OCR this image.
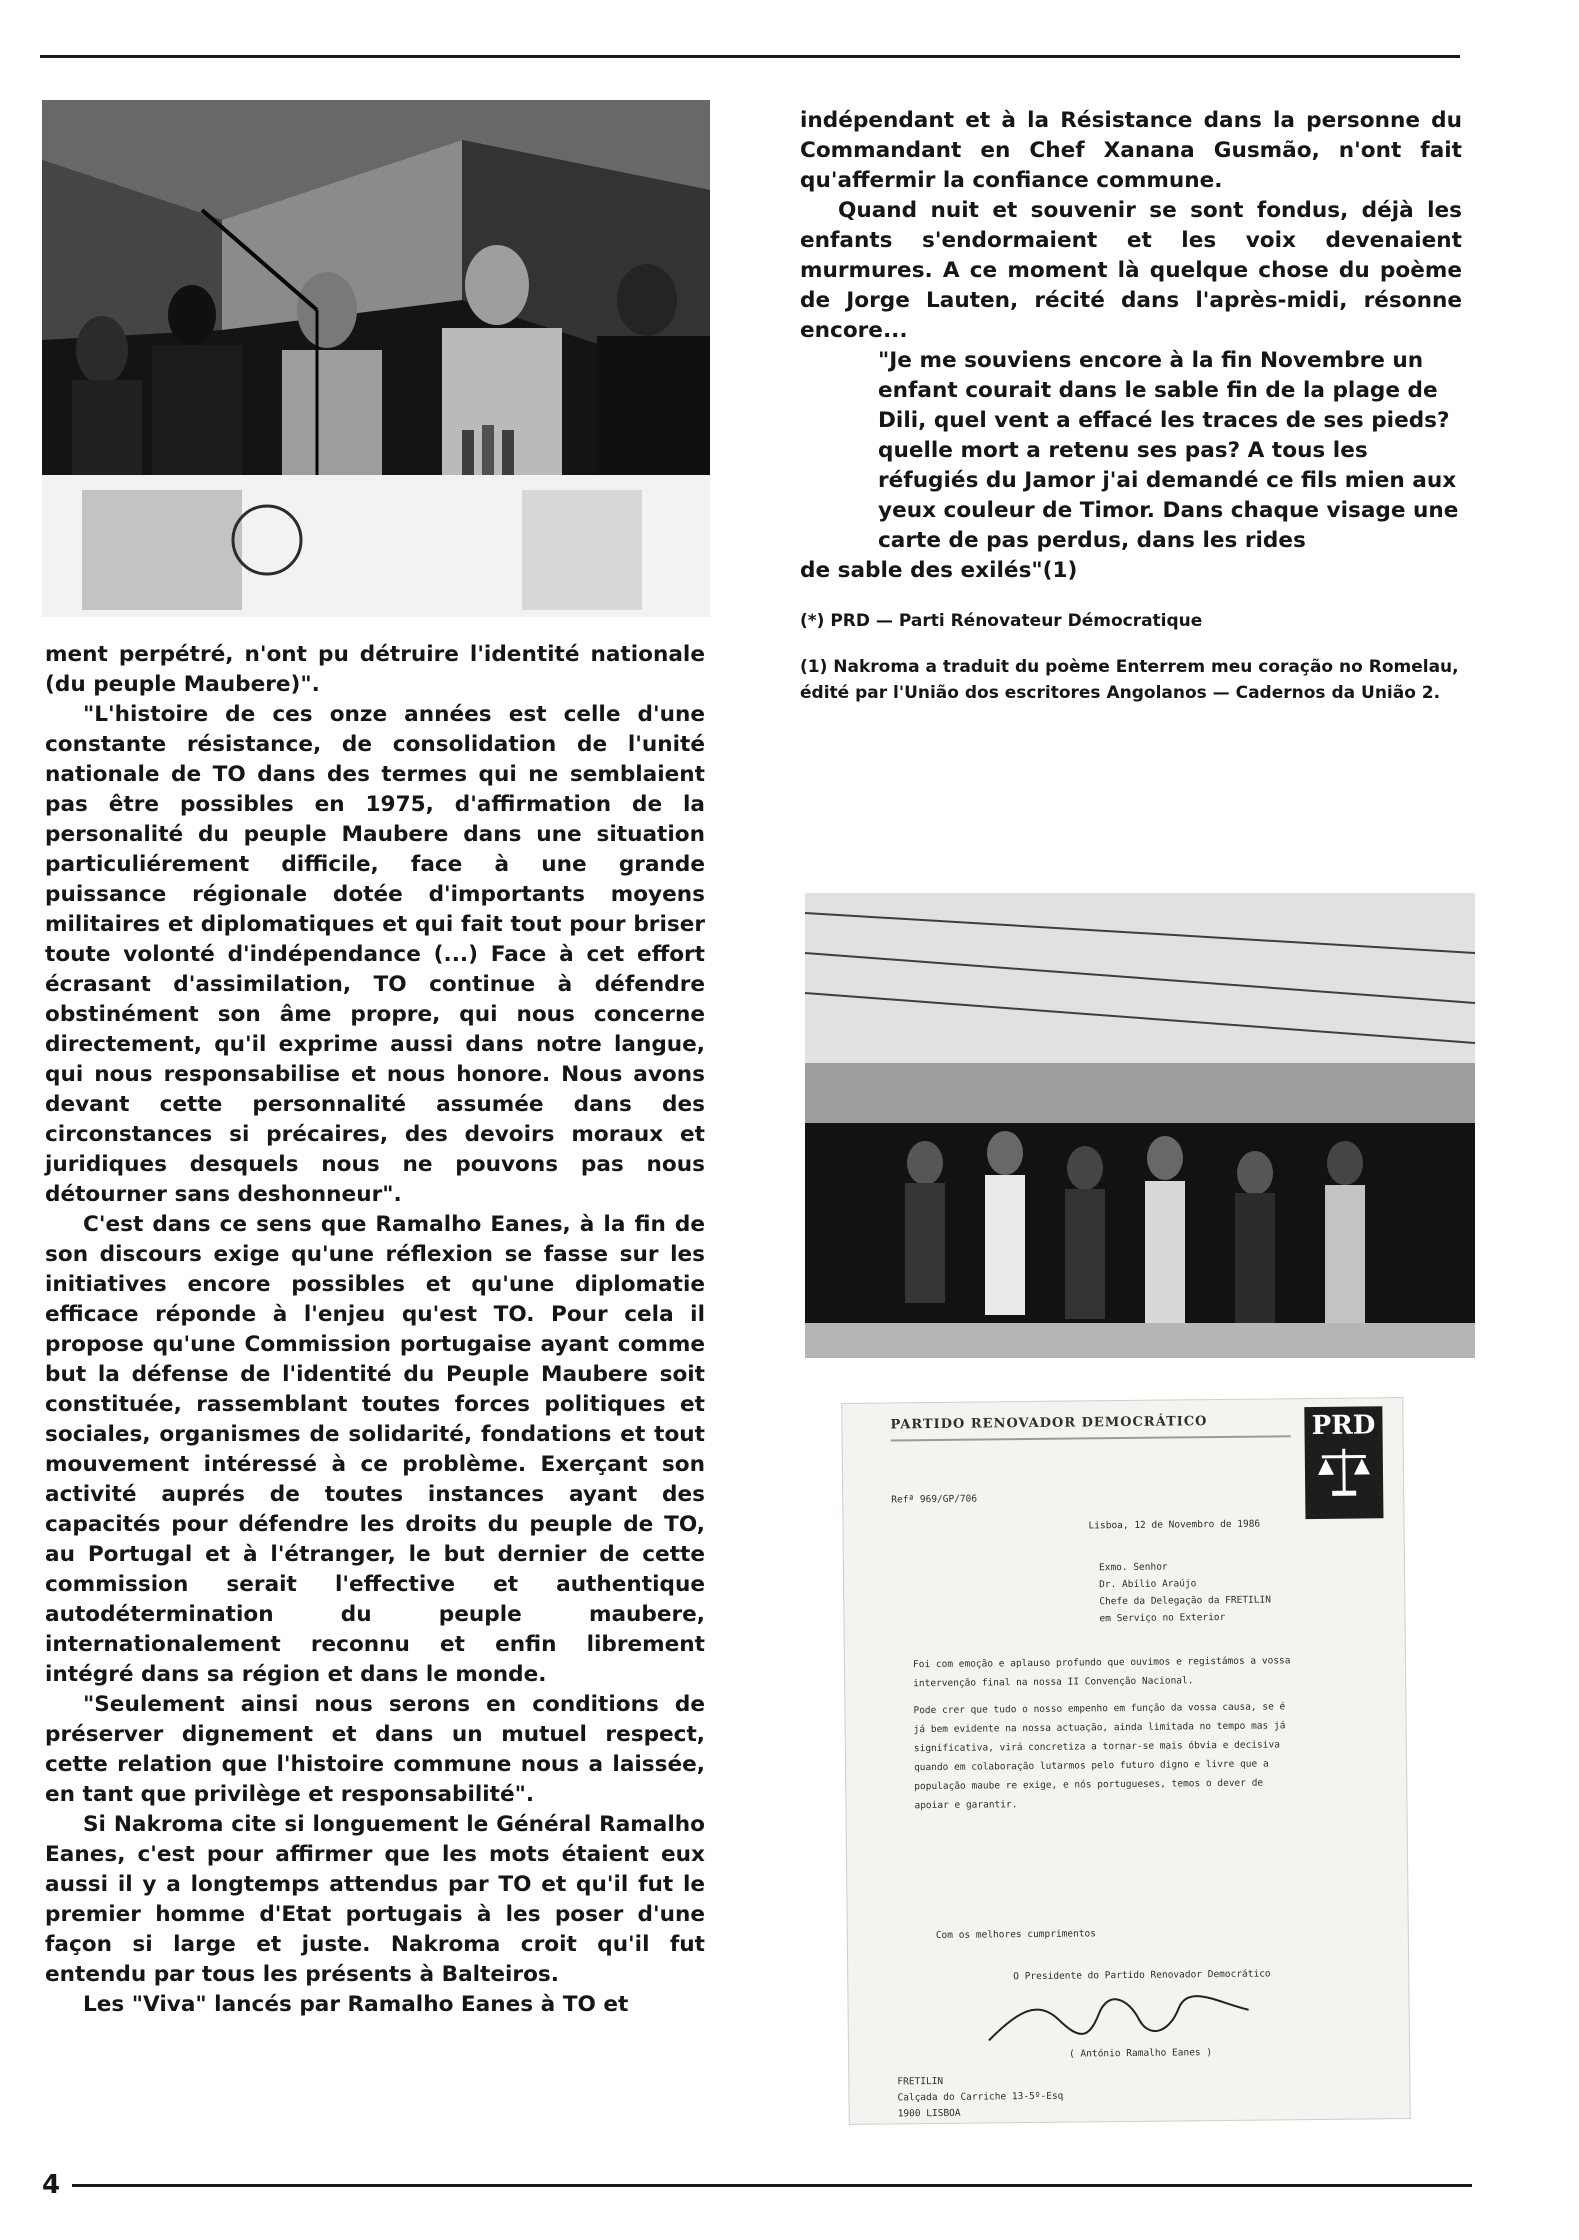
ment perpétré, n'ont pu détruire l'identité nationale (du peuple Maubere)".

"L'histoire de ces onze années est celle d'une constante résistance, de consolidation de l'unité nationale de TO dans des termes qui ne semblaient pas être possibles en 1975, d'affirmation de la personalité du peuple Maubere dans une situation particuliérement difficile, face à une grande puissance régionale dotée d'importants moyens militaires et diplomatiques et qui fait tout pour briser toute volonté d'indépendance (...) Face à cet effort écrasant d'assimilation, TO continue à défendre obstinément son âme propre, qui nous concerne directement, qu'il exprime aussi dans notre langue, qui nous responsabilise et nous honore. Nous avons devant cette personnalité assumée dans des circonstances si précaires, des devoirs moraux et juridiques desquels nous ne pouvons pas nous détourner sans deshonneur".

C'est dans ce sens que Ramalho Eanes, à la fin de son discours exige qu'une réflexion se fasse sur les initiatives encore possibles et qu'une diplomatie efficace réponde à l'enjeu qu'est TO. Pour cela il propose qu'une Commission portugaise ayant comme but la défense de l'identité du Peuple Maubere soit constituée, rassemblant toutes forces politiques et sociales, organismes de solidarité, fondations et tout mouvement intéressé à ce problème. Exerçant son activité auprés de toutes instances ayant des capacités pour défendre les droits du peuple de TO, au Portugal et à l'étranger, le but dernier de cette commission serait l'effective et authentique autodétermination du peuple maubere, internationalement reconnu et enfin librement intégré dans sa région et dans le monde.

"Seulement ainsi nous serons en conditions de préserver dignement et dans un mutuel respect, cette relation que l'histoire commune nous a laissée, en tant que privilège et responsabilité".

Si Nakroma cite si longuement le Général Ramalho Eanes, c'est pour affirmer que les mots étaient eux aussi il y a longtemps attendus par TO et qu'il fut le premier homme d'Etat portugais à les poser d'une façon si large et juste. Nakroma croit qu'il fut entendu par tous les présents à Balteiros.

Les "Viva" lancés par Ramalho Eanes à TO et

indépendant et à la Résistance dans la personne du Commandant en Chef Xanana Gusmão, n'ont fait qu'affermir la confiance commune.

Quand nuit et souvenir se sont fondus, déjà les enfants s'endormaient et les voix devenaient murmures. A ce moment là quelque chose du poème de Jorge Lauten, récité dans l'après-midi, résonne encore...

"Je me souviens encore à la fin Novembre un enfant courait dans le sable fin de la plage de Dili, quel vent a effacé les traces de ses pieds? quelle mort a retenu ses pas? A tous les réfugiés du Jamor j'ai demandé ce fils mien aux yeux couleur de Timor. Dans chaque visage une carte de pas perdus, dans les rides

de sable des exilés"(1)

(*) PRD — Parti Rénovateur Démocratique

(1) Nakroma a traduit du poème Enterrem meu coração no Romelau, édité par l'União dos escritores Angolanos — Cadernos da União 2.

PARTIDO RENOVADOR DEMOCRÁTICO	PRD
Refª 969/GP/706
Lisboa, 12 de Novembro de 1986
Exmo. Senhor
Dr. Abílio Araújo
Chefe da Delegação da FRETILIN
em Serviço no Exterior

Foi com emoção e aplauso profundo que ouvimos e registámos a vossa intervenção final na nossa II Convenção Nacional.

Pode crer que tudo o nosso empenho em função da vossa causa, se é já bem evidente na nossa actuação, ainda limitada no tempo mas já significativa, virá concretiza a tornar-se mais óbvia e decisiva quando em colaboração lutarmos pelo futuro digno e livre que a população maube re exige, e nós portugueses, temos o dever de apoiar e garantir.

Com os melhores cumprimentos
O Presidente do Partido Renovador Democrático
( António Ramalho Eanes )
FRETILIN
Calçada do Carriche 13-5º-Esq
1900 LISBOA
4
